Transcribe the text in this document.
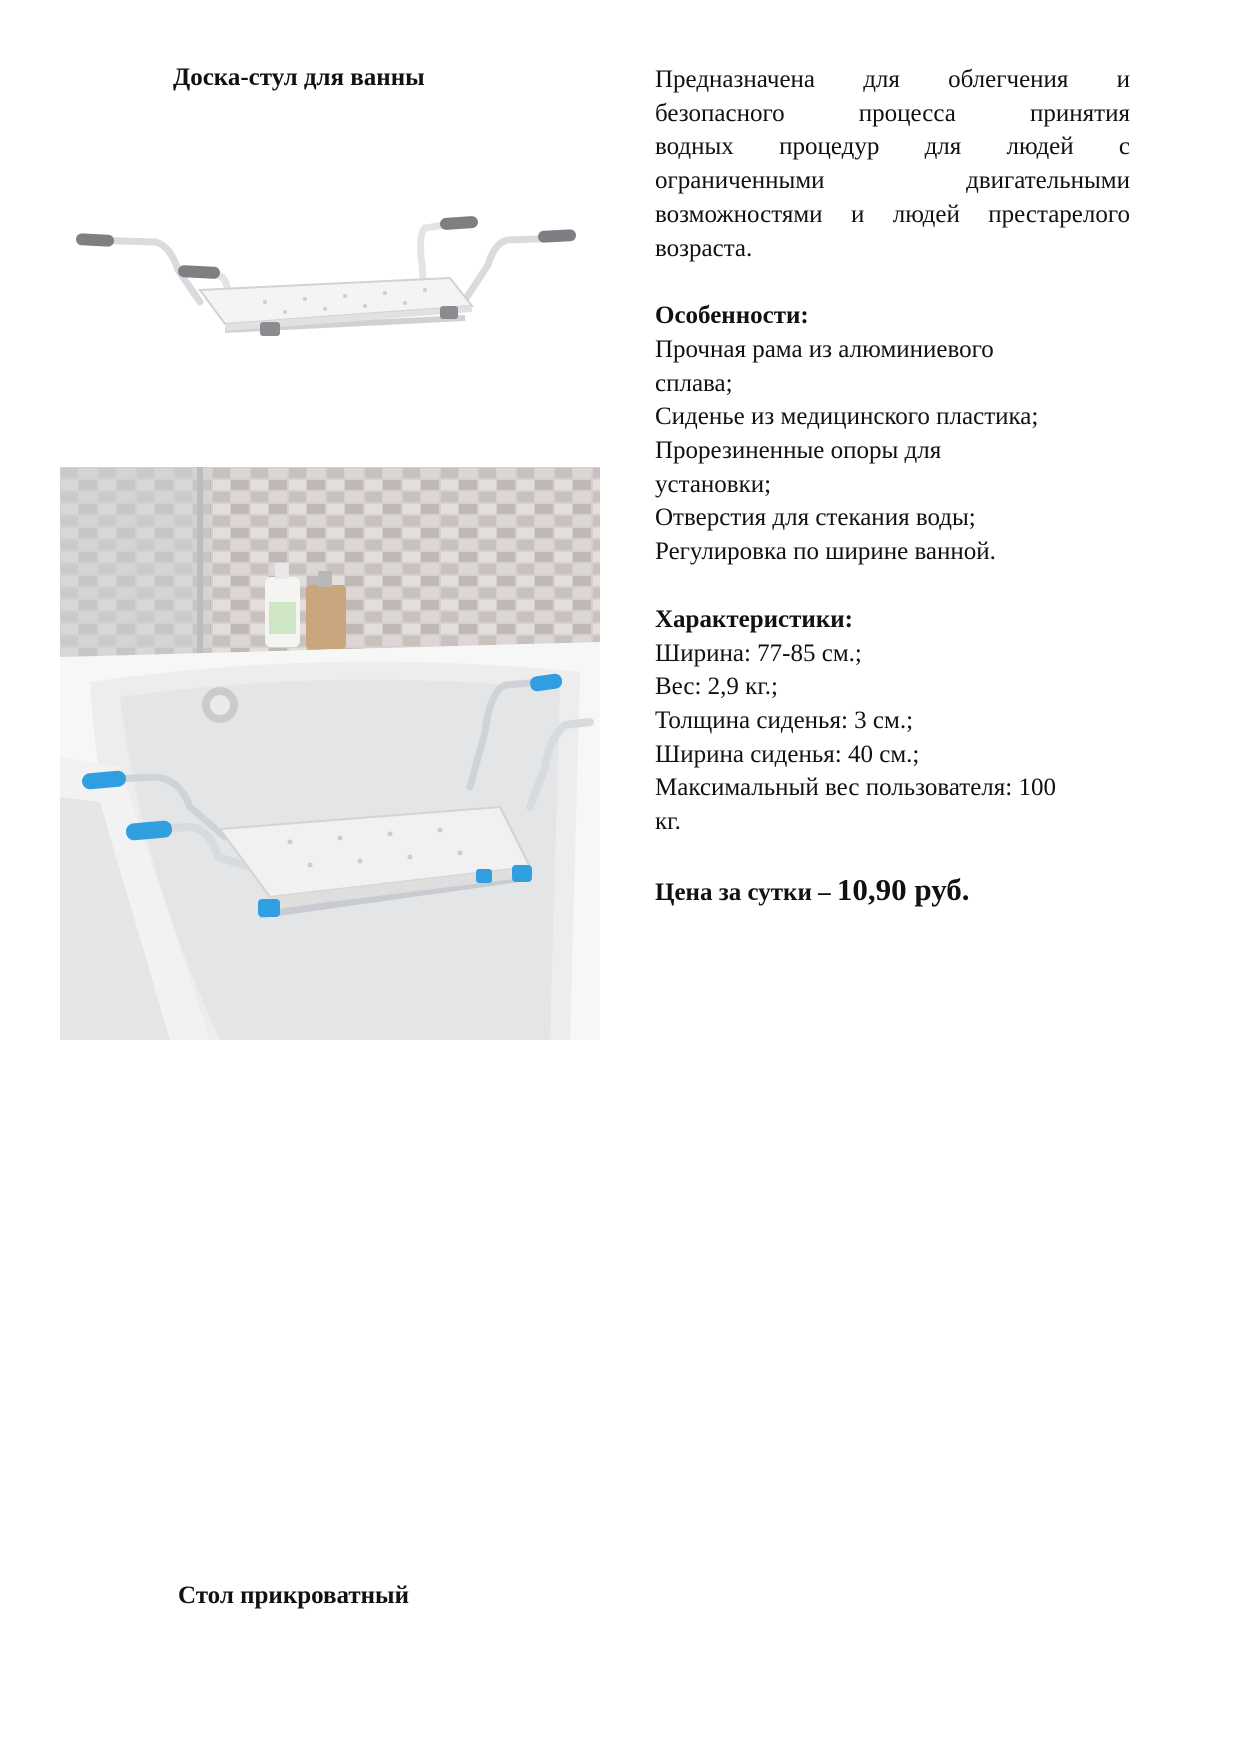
Доска-стул для ванны	Предназначена для облегчения и
безопасного процесса принятия
водных процедур для людей с
ограниченными двигательными
возможностями и людей престарелого
возраста.

Особенности:

Прочная рама из алюминиевого

сплава;

Сиденье из медицинского пластика;

Прорезиненные опоры для

установки;

Отверстия для стекания воды;

Регулировка по ширине ванной.

Характеристики:

Ширина: 77-85 см.;

Вес: 2,9 кг.;

Толщина сиденья: 3 см.;

Ширина сиденья: 40 см.;

Максимальный вес пользователя: 100

кг.

Цена за сутки – 10,90 руб.

Стол прикроватный
